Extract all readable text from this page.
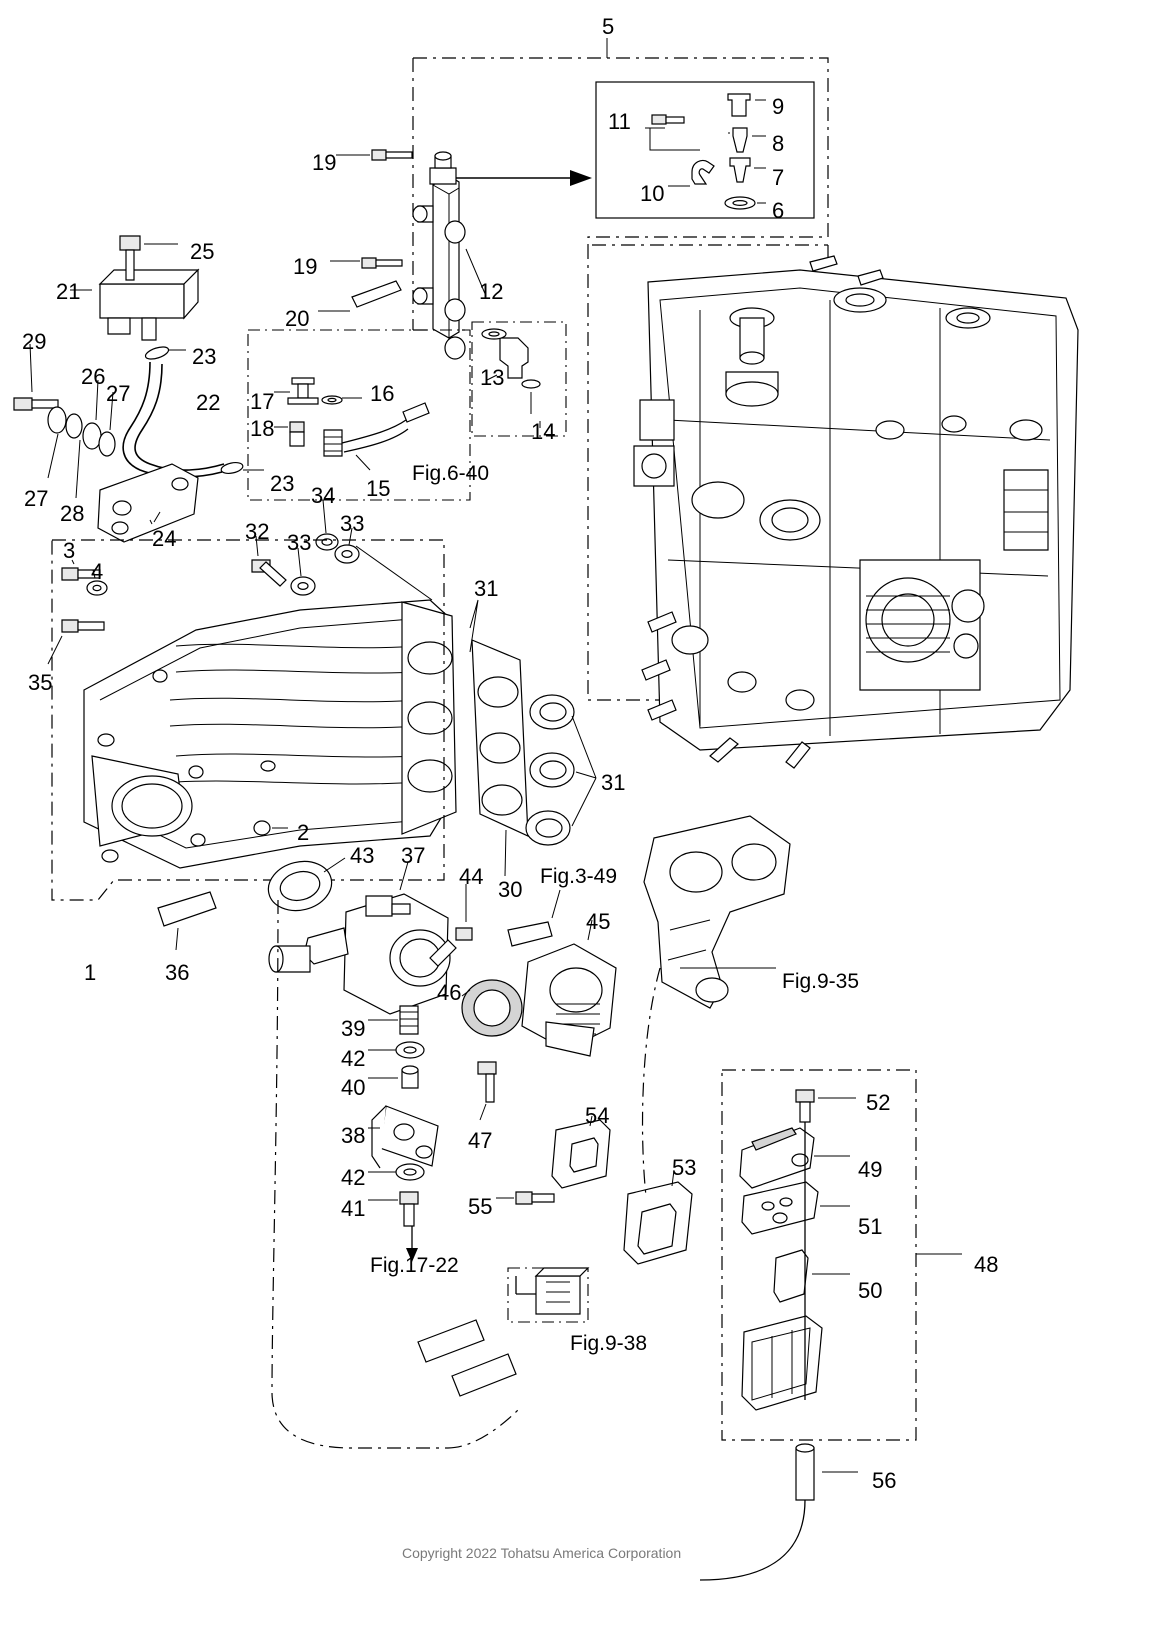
5
9
11
8
7
10
6
19
25
21
19
12
20
29
23
13
26
27	22	16
17
18	14
27
28
23 34 15
24	32 33
33
3
4
31
35
31
2
30
43 37
44
45
1	36
46
39
42
40
47
38
42
41
52
49
51
54
53
55
50
48
56
Fig.6-40
Fig.3-49
Fig.9-35
Fig.17-22
Fig.9-38
Copyright 2022 Tohatsu America Corporation
